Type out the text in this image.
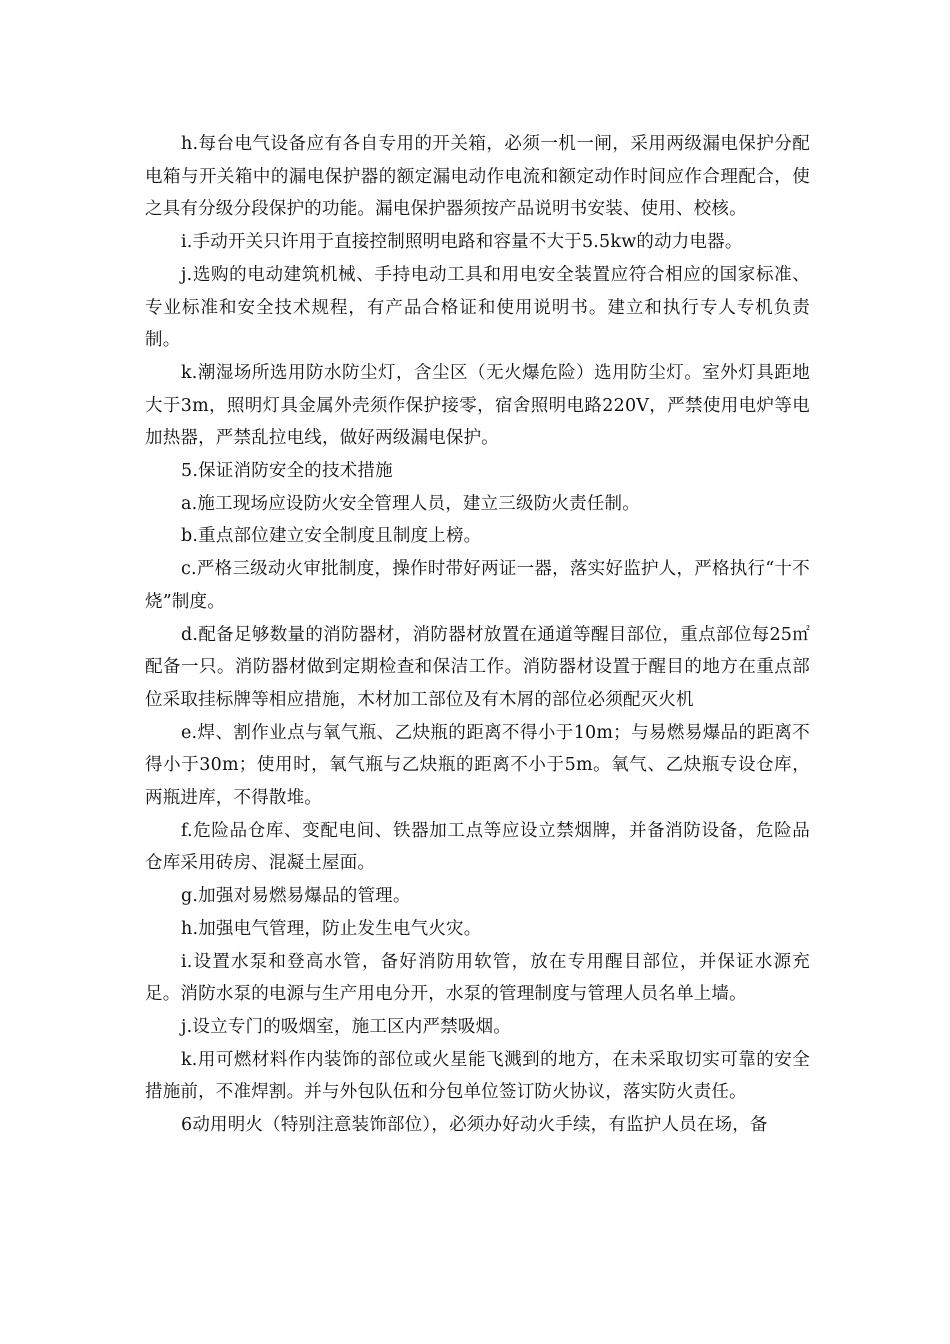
h.每台电气设备应有各自专用的开关箱，必须一机一闸，采用两级漏电保护分配电箱与开关箱中的漏电保护器的额定漏电动作电流和额定动作时间应作合理配合，使之具有分级分段保护的功能。漏电保护器须按产品说明书安装、使用、校核。

i.手动开关只许用于直接控制照明电路和容量不大于5.5kw的动力电器。

j.选购的电动建筑机械、手持电动工具和用电安全装置应符合相应的国家标准、专业标准和安全技术规程，有产品合格证和使用说明书。建立和执行专人专机负责制。

k.潮湿场所选用防水防尘灯，含尘区（无火爆危险）选用防尘灯。室外灯具距地大于3m，照明灯具金属外壳须作保护接零，宿舍照明电路220V，严禁使用电炉等电加热器，严禁乱拉电线，做好两级漏电保护。

5.保证消防安全的技术措施

a.施工现场应设防火安全管理人员，建立三级防火责任制。

b.重点部位建立安全制度且制度上榜。

c.严格三级动火审批制度，操作时带好两证一器，落实好监护人，严格执行“十不烧”制度。

d.配备足够数量的消防器材，消防器材放置在通道等醒目部位，重点部位每25㎡配备一只。消防器材做到定期检查和保洁工作。消防器材设置于醒目的地方在重点部位采取挂标牌等相应措施，木材加工部位及有木屑的部位必须配灭火机

e.焊、割作业点与氧气瓶、乙炔瓶的距离不得小于10m；与易燃易爆品的距离不得小于30m；使用时，氧气瓶与乙炔瓶的距离不小于5m。氧气、乙炔瓶专设仓库，两瓶进库，不得散堆。

f.危险品仓库、变配电间、铁器加工点等应设立禁烟牌，并备消防设备，危险品仓库采用砖房、混凝土屋面。

g.加强对易燃易爆品的管理。

h.加强电气管理，防止发生电气火灾。

i.设置水泵和登高水管，备好消防用软管，放在专用醒目部位，并保证水源充足。消防水泵的电源与生产用电分开，水泵的管理制度与管理人员名单上墙。

j.设立专门的吸烟室，施工区内严禁吸烟。

k.用可燃材料作内装饰的部位或火星能飞溅到的地方，在未采取切实可靠的安全措施前，不准焊割。并与外包队伍和分包单位签订防火协议，落实防火责任。

6动用明火（特别注意装饰部位），必须办好动火手续，有监护人员在场，备
